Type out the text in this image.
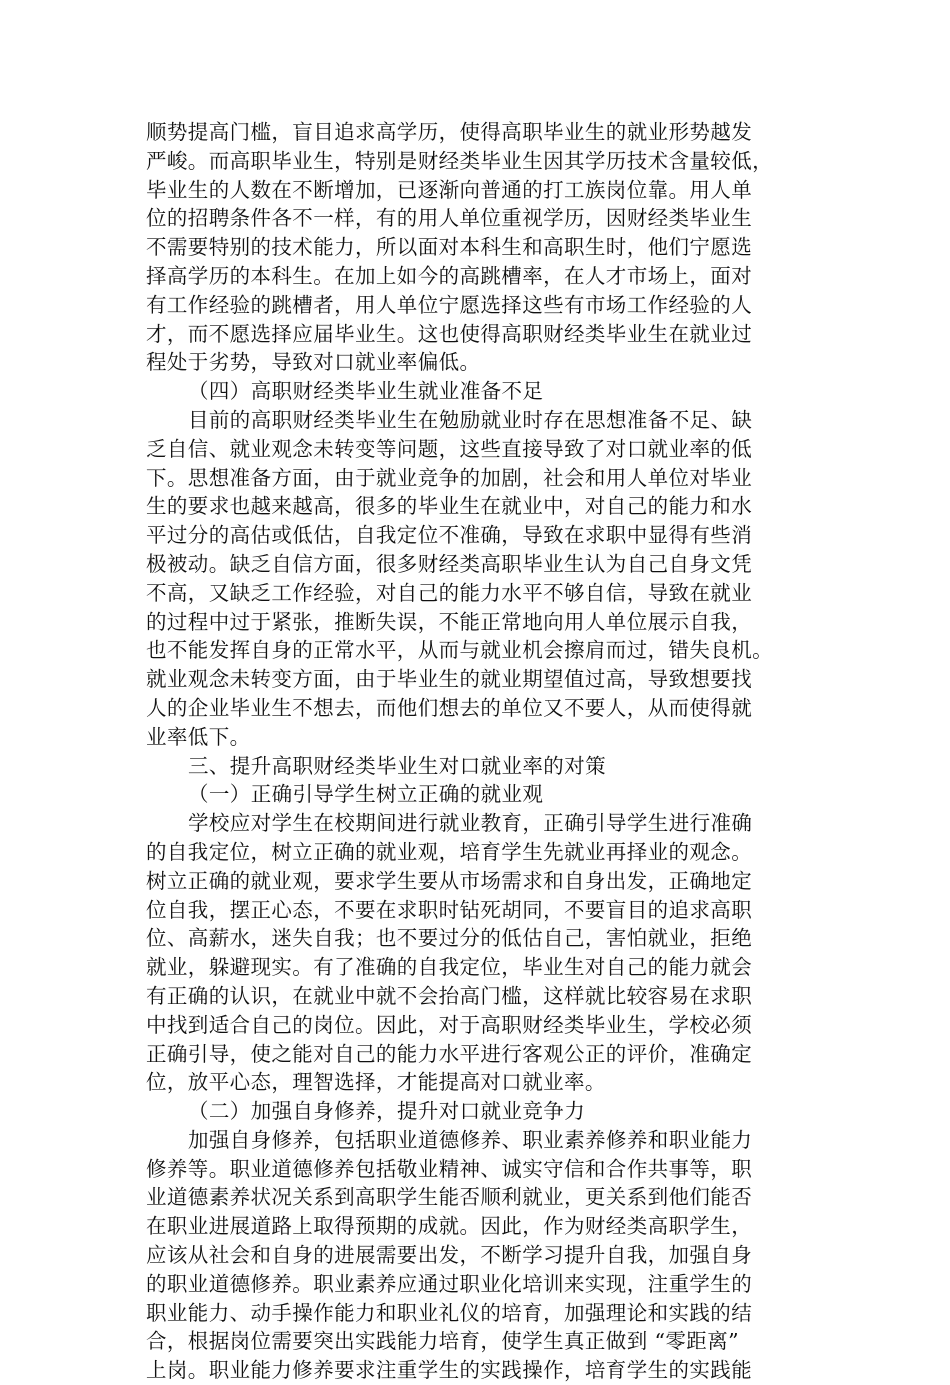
顺势提高门槛，盲目追求高学历，使得高职毕业生的就业形势越发
严峻。而高职毕业生，特别是财经类毕业生因其学历技术含量较低，
毕业生的人数在不断增加，已逐渐向普通的打工族岗位靠。用人单
位的招聘条件各不一样，有的用人单位重视学历，因财经类毕业生
不需要特别的技术能力，所以面对本科生和高职生时，他们宁愿选
择高学历的本科生。在加上如今的高跳槽率，在人才市场上，面对
有工作经验的跳槽者，用人单位宁愿选择这些有市场工作经验的人
才，而不愿选择应届毕业生。这也使得高职财经类毕业生在就业过
程处于劣势，导致对口就业率偏低。
（四）高职财经类毕业生就业准备不足
目前的高职财经类毕业生在勉励就业时存在思想准备不足、缺
乏自信、就业观念未转变等问题，这些直接导致了对口就业率的低
下。思想准备方面，由于就业竞争的加剧，社会和用人单位对毕业
生的要求也越来越高，很多的毕业生在就业中，对自己的能力和水
平过分的高估或低估，自我定位不准确，导致在求职中显得有些消
极被动。缺乏自信方面，很多财经类高职毕业生认为自己自身文凭
不高，又缺乏工作经验，对自己的能力水平不够自信，导致在就业
的过程中过于紧张，推断失误，不能正常地向用人单位展示自我，
也不能发挥自身的正常水平，从而与就业机会擦肩而过，错失良机。
就业观念未转变方面，由于毕业生的就业期望值过高，导致想要找
人的企业毕业生不想去，而他们想去的单位又不要人，从而使得就
业率低下。
三、提升高职财经类毕业生对口就业率的对策
（一）正确引导学生树立正确的就业观
学校应对学生在校期间进行就业教育，正确引导学生进行准确
的自我定位，树立正确的就业观，培育学生先就业再择业的观念。
树立正确的就业观，要求学生要从市场需求和自身出发，正确地定
位自我，摆正心态，不要在求职时钻死胡同，不要盲目的追求高职
位、高薪水，迷失自我；也不要过分的低估自己，害怕就业，拒绝
就业，躲避现实。有了准确的自我定位，毕业生对自己的能力就会
有正确的认识，在就业中就不会抬高门槛，这样就比较容易在求职
中找到适合自己的岗位。因此，对于高职财经类毕业生，学校必须
正确引导，使之能对自己的能力水平进行客观公正的评价，准确定
位，放平心态，理智选择，才能提高对口就业率。
（二）加强自身修养，提升对口就业竞争力
加强自身修养，包括职业道德修养、职业素养修养和职业能力
修养等。职业道德修养包括敬业精神、诚实守信和合作共事等，职
业道德素养状况关系到高职学生能否顺利就业，更关系到他们能否
在职业进展道路上取得预期的成就。因此，作为财经类高职学生，
应该从社会和自身的进展需要出发，不断学习提升自我，加强自身
的职业道德修养。职业素养应通过职业化培训来实现，注重学生的
职业能力、动手操作能力和职业礼仪的培育，加强理论和实践的结
合，根据岗位需要突出实践能力培育，使学生真正做到 “零距离”
上岗。职业能力修养要求注重学生的实践操作，培育学生的实践能
